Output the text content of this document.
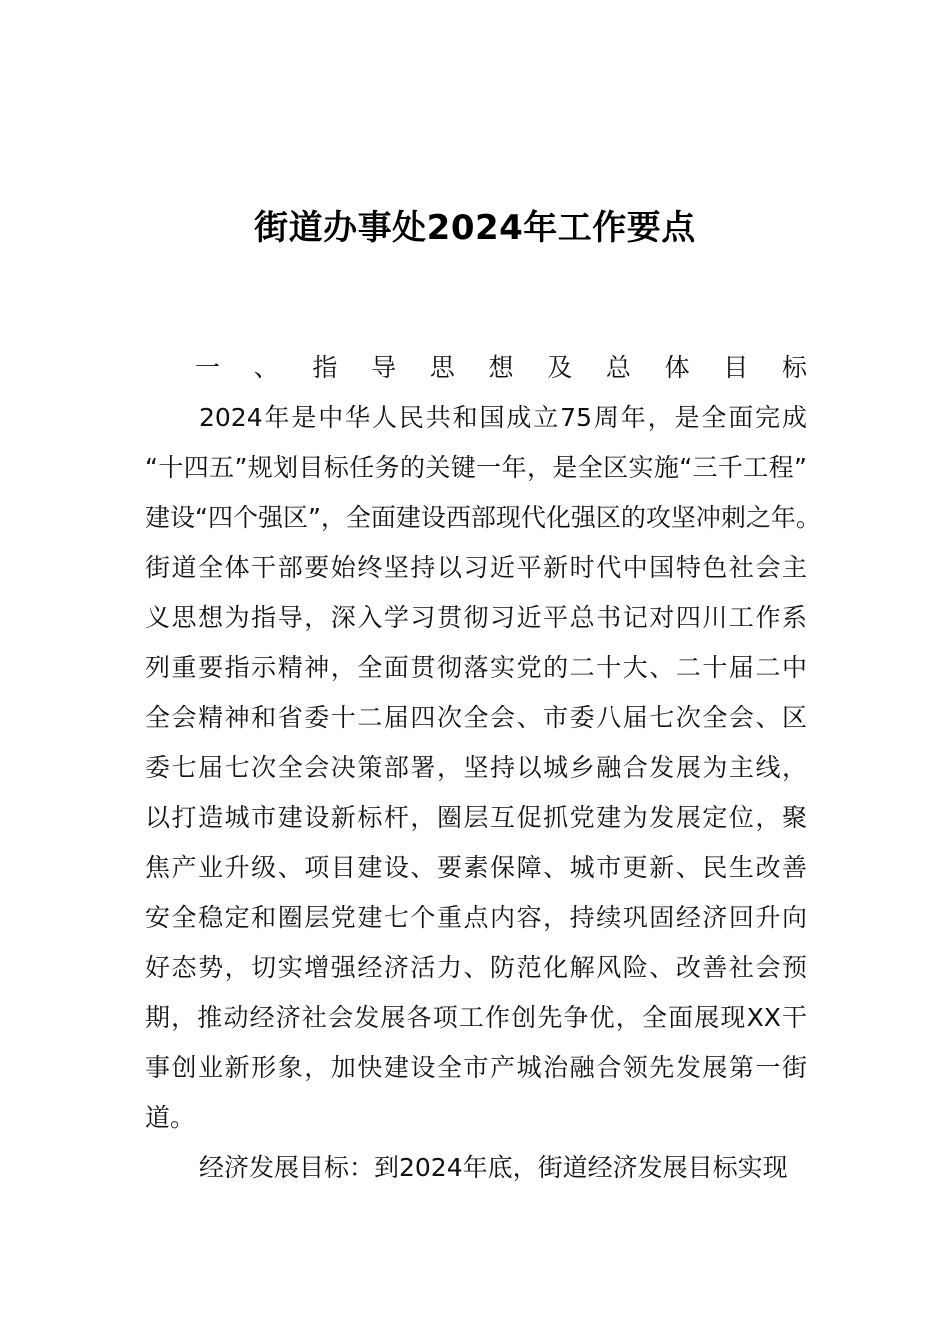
街道办事处2024年工作要点
一、指导思想及总体目标
2024年是中华人民共和国成立75周年，是全面完成
“十四五”规划目标任务的关键一年，是全区实施“三千工程”
建设“四个强区”，全面建设西部现代化强区的攻坚冲刺之年。
街道全体干部要始终坚持以习近平新时代中国特色社会主
义思想为指导，深入学习贯彻习近平总书记对四川工作系
列重要指示精神，全面贯彻落实党的二十大、二十届二中
全会精神和省委十二届四次全会、市委八届七次全会、区
委七届七次全会决策部署，坚持以城乡融合发展为主线，
以打造城市建设新标杆，圈层互促抓党建为发展定位，聚
焦产业升级、项目建设、要素保障、城市更新、民生改善
安全稳定和圈层党建七个重点内容，持续巩固经济回升向
好态势，切实增强经济活力、防范化解风险、改善社会预
期，推动经济社会发展各项工作创先争优，全面展现XX干
事创业新形象，加快建设全市产城治融合领先发展第一街
道。
经济发展目标：到2024年底，街道经济发展目标实现
